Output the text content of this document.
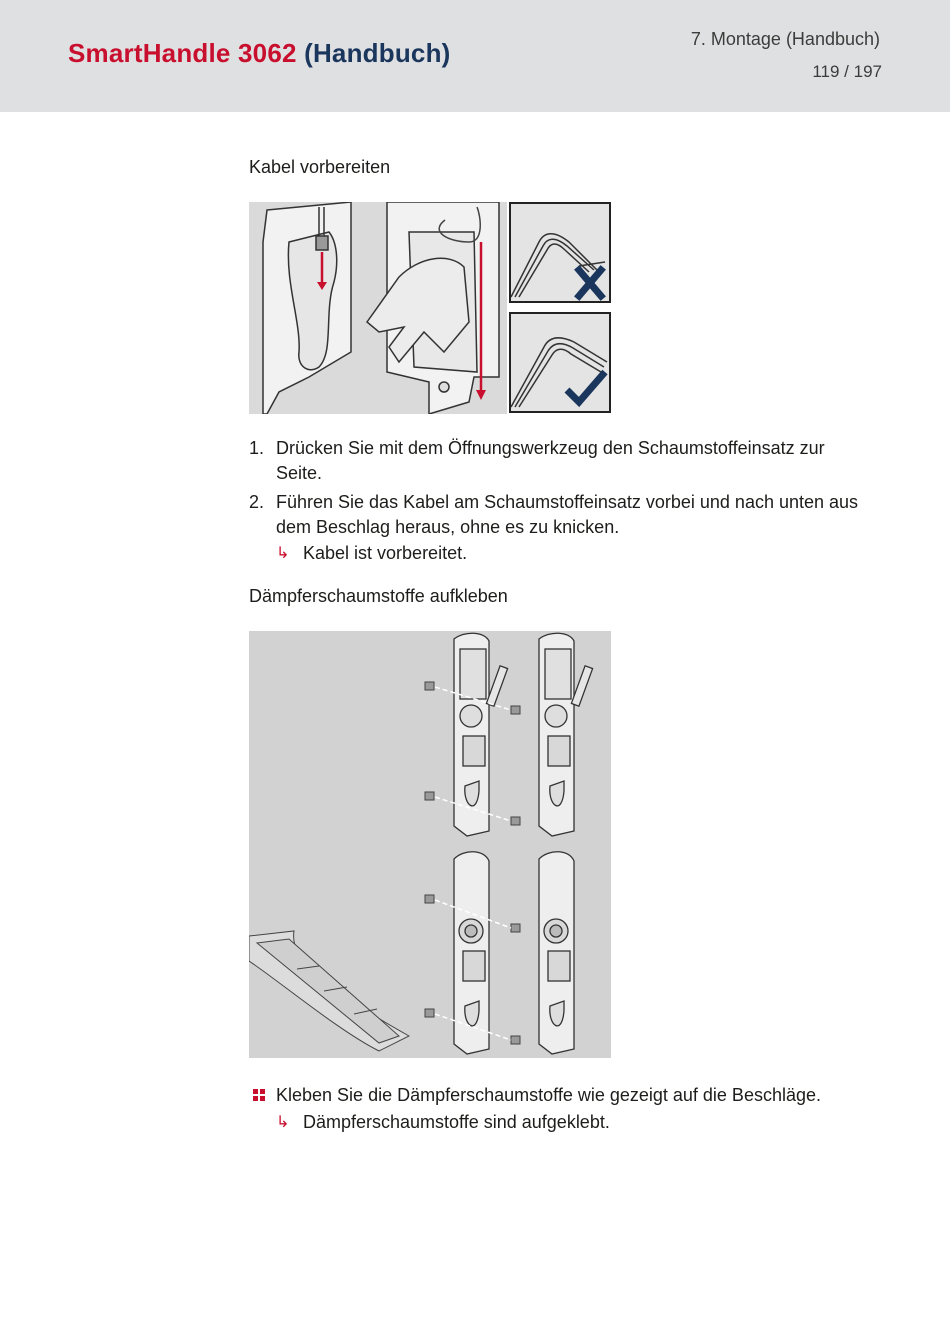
SmartHandle 3062 (Handbuch)	7. Montage (Handbuch)
119 / 197
Kabel vorbereiten
1. Drücken Sie mit dem Öffnungswerkzeug den Schaumstoffeinsatz zur Seite.
2. Führen Sie das Kabel am Schaumstoffeinsatz vorbei und nach unten aus dem Beschlag heraus, ohne es zu knicken.
↳ Kabel ist vorbereitet.
Dämpferschaumstoffe aufkleben
Kleben Sie die Dämpferschaumstoffe wie gezeigt auf die Beschläge.
↳ Dämpferschaumstoffe sind aufgeklebt.
